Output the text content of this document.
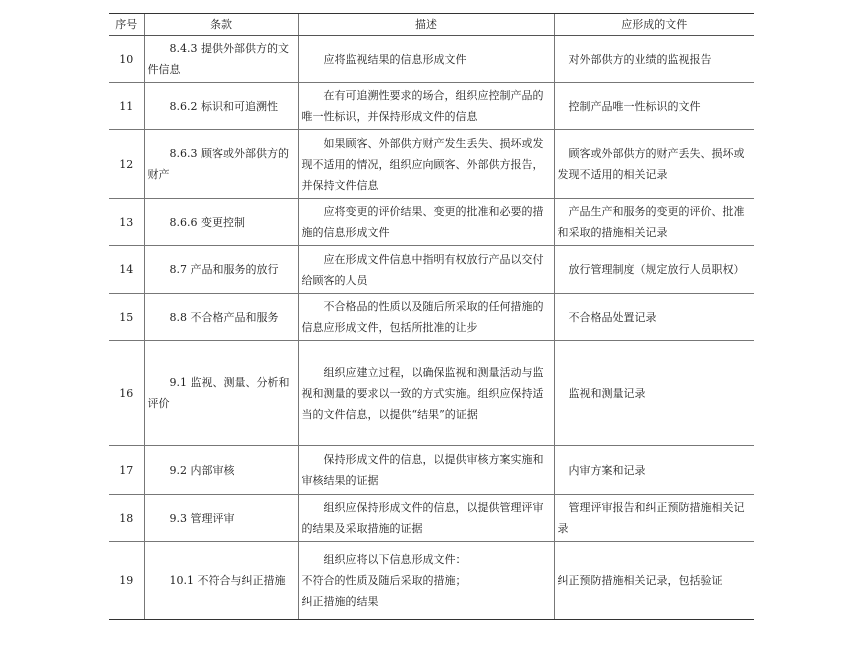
序号	条款	描述	应形成的文件
10	8.4.3 提供外部供方的文件信息	应将监视结果的信息形成文件	对外部供方的业绩的监视报告
11	8.6.2 标识和可追溯性	在有可追溯性要求的场合，组织应控制产品的唯一性标识，并保持形成文件的信息	控制产品唯一性标识的文件
12	8.6.3 顾客或外部供方的财产	如果顾客、外部供方财产发生丢失、损坏或发现不适用的情况，组织应向顾客、外部供方报告，并保持文件信息	顾客或外部供方的财产丢失、损坏或发现不适用的相关记录
13	8.6.6 变更控制	应将变更的评价结果、变更的批准和必要的措施的信息形成文件	产品生产和服务的变更的评价、批准和采取的措施相关记录
14	8.7 产品和服务的放行	应在形成文件信息中指明有权放行产品以交付给顾客的人员	放行管理制度（规定放行人员职权）
15	8.8 不合格产品和服务	不合格品的性质以及随后所采取的任何措施的信息应形成文件，包括所批准的让步	不合格品处置记录
16	9.1 监视、测量、分析和评价	组织应建立过程，以确保监视和测量活动与监视和测量的要求以一致的方式实施。组织应保持适当的文件信息，以提供“结果”的证据	监视和测量记录
17	9.2 内部审核	保持形成文件的信息，以提供审核方案实施和审核结果的证据	内审方案和记录
18	9.3 管理评审	组织应保持形成文件的信息，以提供管理评审的结果及采取措施的证据	管理评审报告和纠正预防措施相关记录
19	10.1 不符合与纠正措施	组织应将以下信息形成文件：
不符合的性质及随后采取的措施；
纠正措施的结果	纠正预防措施相关记录，包括验证
